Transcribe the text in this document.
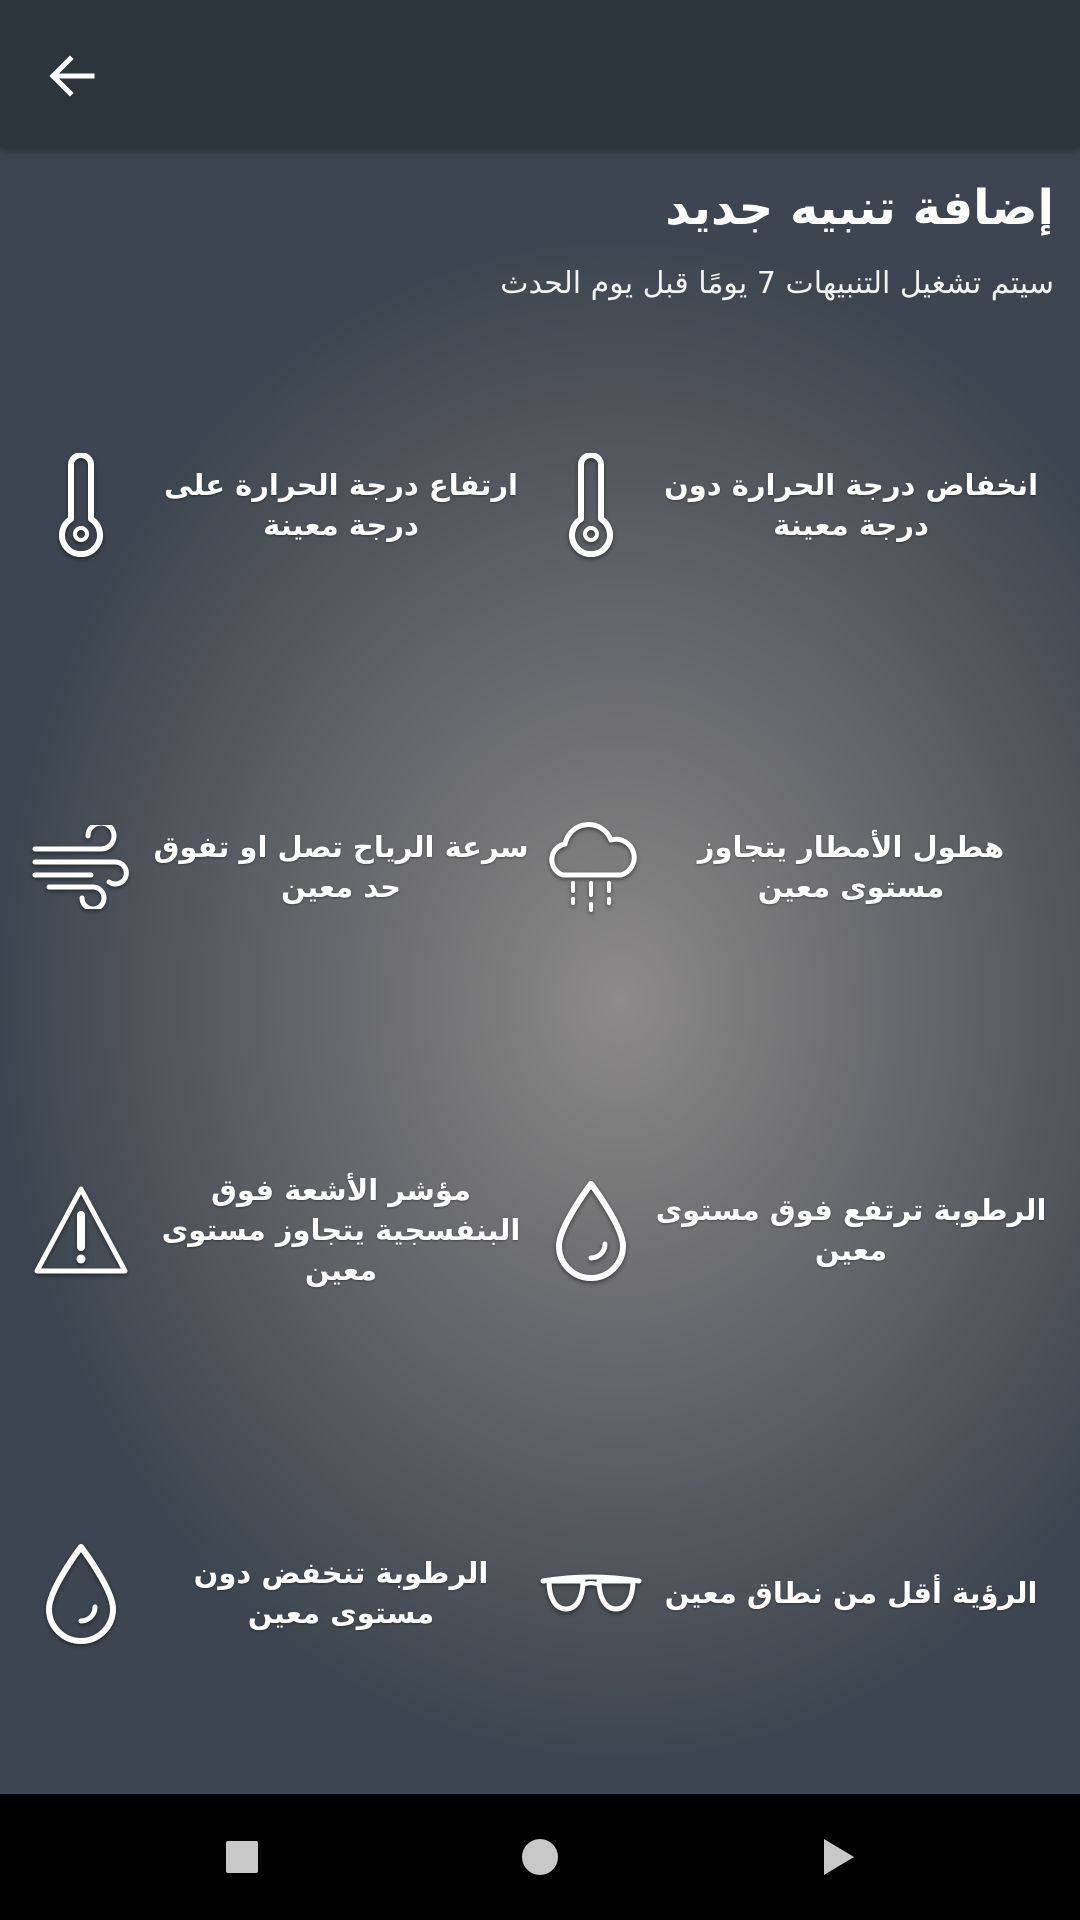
إضافة تنبيه جديد
سيتم تشغيل التنبيهات 7 يومًا قبل يوم الحدث
انخفاض درجة الحرارة دون درجة معينة
ارتفاع درجة الحرارة على درجة معينة
هطول الأمطار يتجاوز مستوى معين
سرعة الرياح تصل او تفوق حد معين
الرطوبة ترتفع فوق مستوى معين
مؤشر الأشعة فوق البنفسجية يتجاوز مستوى معين
الرؤية أقل من نطاق معين
الرطوبة تنخفض دون مستوى معين
